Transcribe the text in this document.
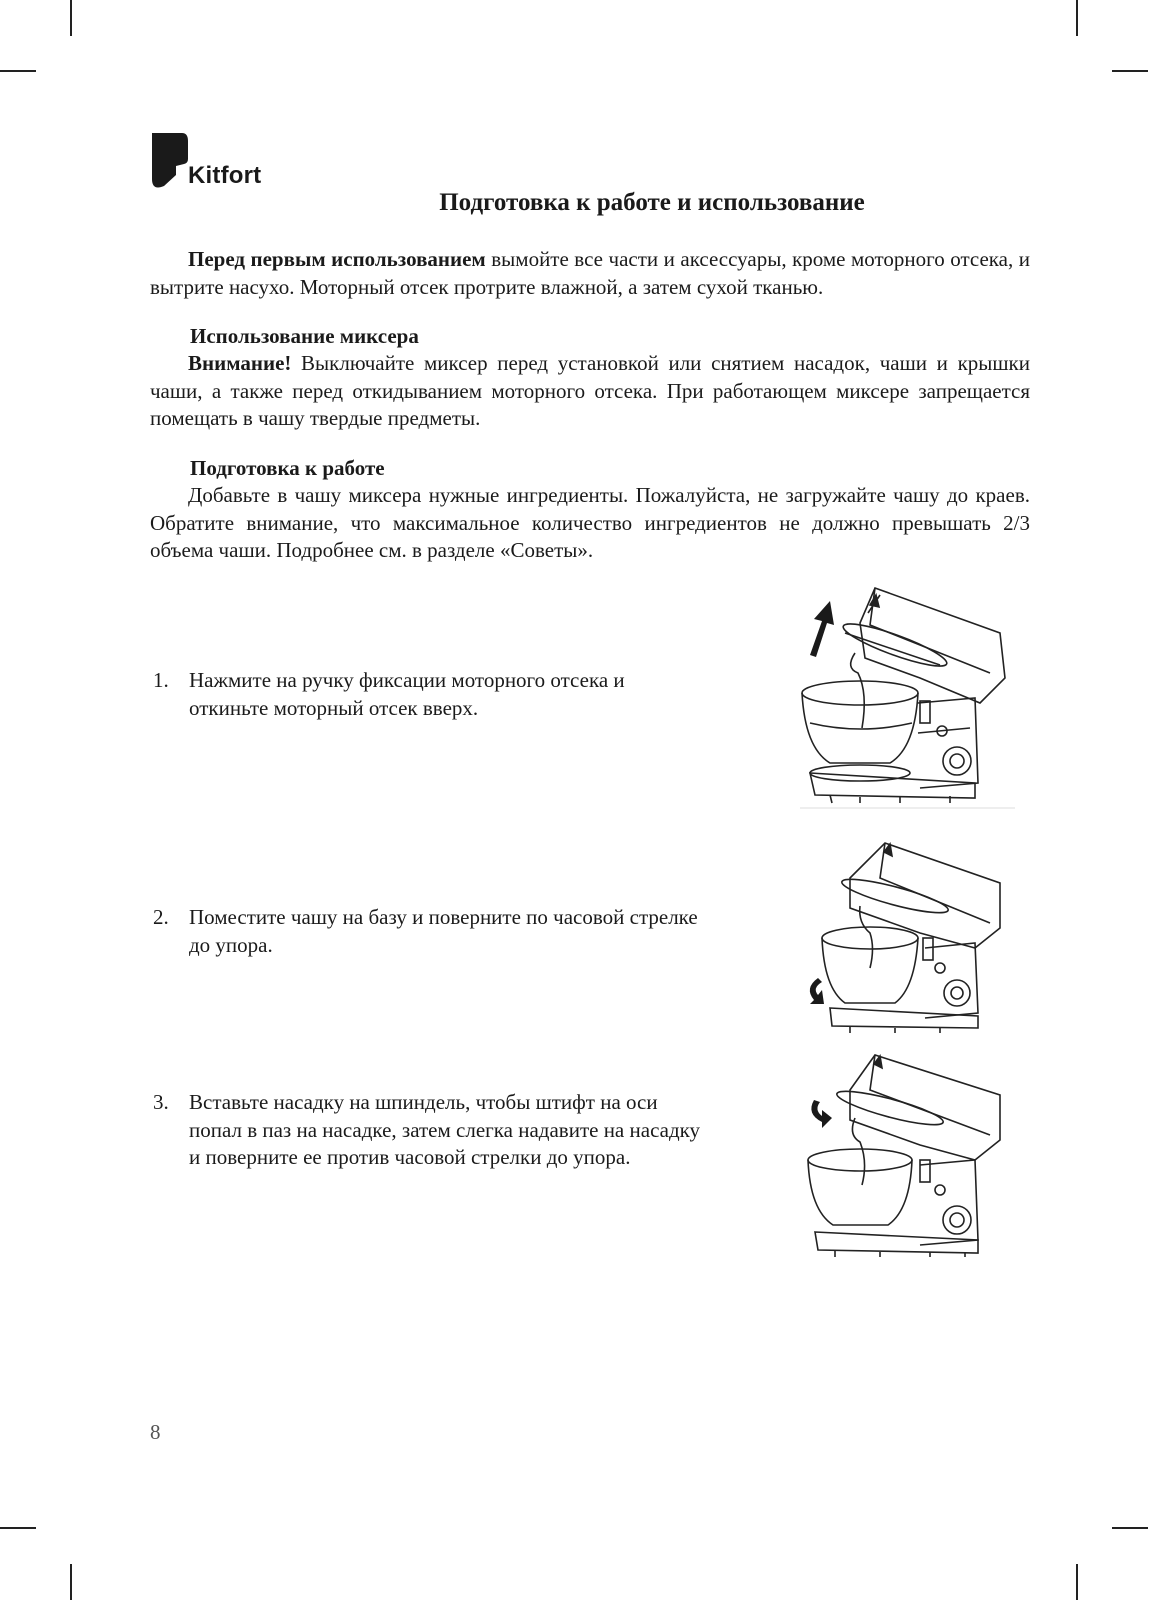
Kitfort
Подготовка к работе и использование
Перед первым использованием вымойте все части и аксессуары, кроме моторного отсека, и вытрите насухо. Моторный отсек протрите влажной, а затем сухой тканью.
Использование миксера
Внимание! Выключайте миксер перед установкой или снятием насадок, чаши и крышки чаши, а также перед откидыванием моторного отсека. При работающем миксере запрещается помещать в чашу твердые предметы.
Подготовка к работе
Добавьте в чашу миксера нужные ингредиенты. Пожалуйста, не загружайте чашу до краев. Обратите внимание, что максимальное количество ингредиентов не должно превышать 2/3 объема чаши. Подробнее см. в разделе «Советы».
1. Нажмите на ручку фиксации моторного отсека и
откиньте моторный отсек вверх.
2. Поместите чашу на базу и поверните по часовой стрелке
до упора.
3. Вставьте насадку на шпиндель, чтобы штифт на оси
попал в паз на насадке, затем слегка надавите на насадку
и поверните ее против часовой стрелки до упора.
8
